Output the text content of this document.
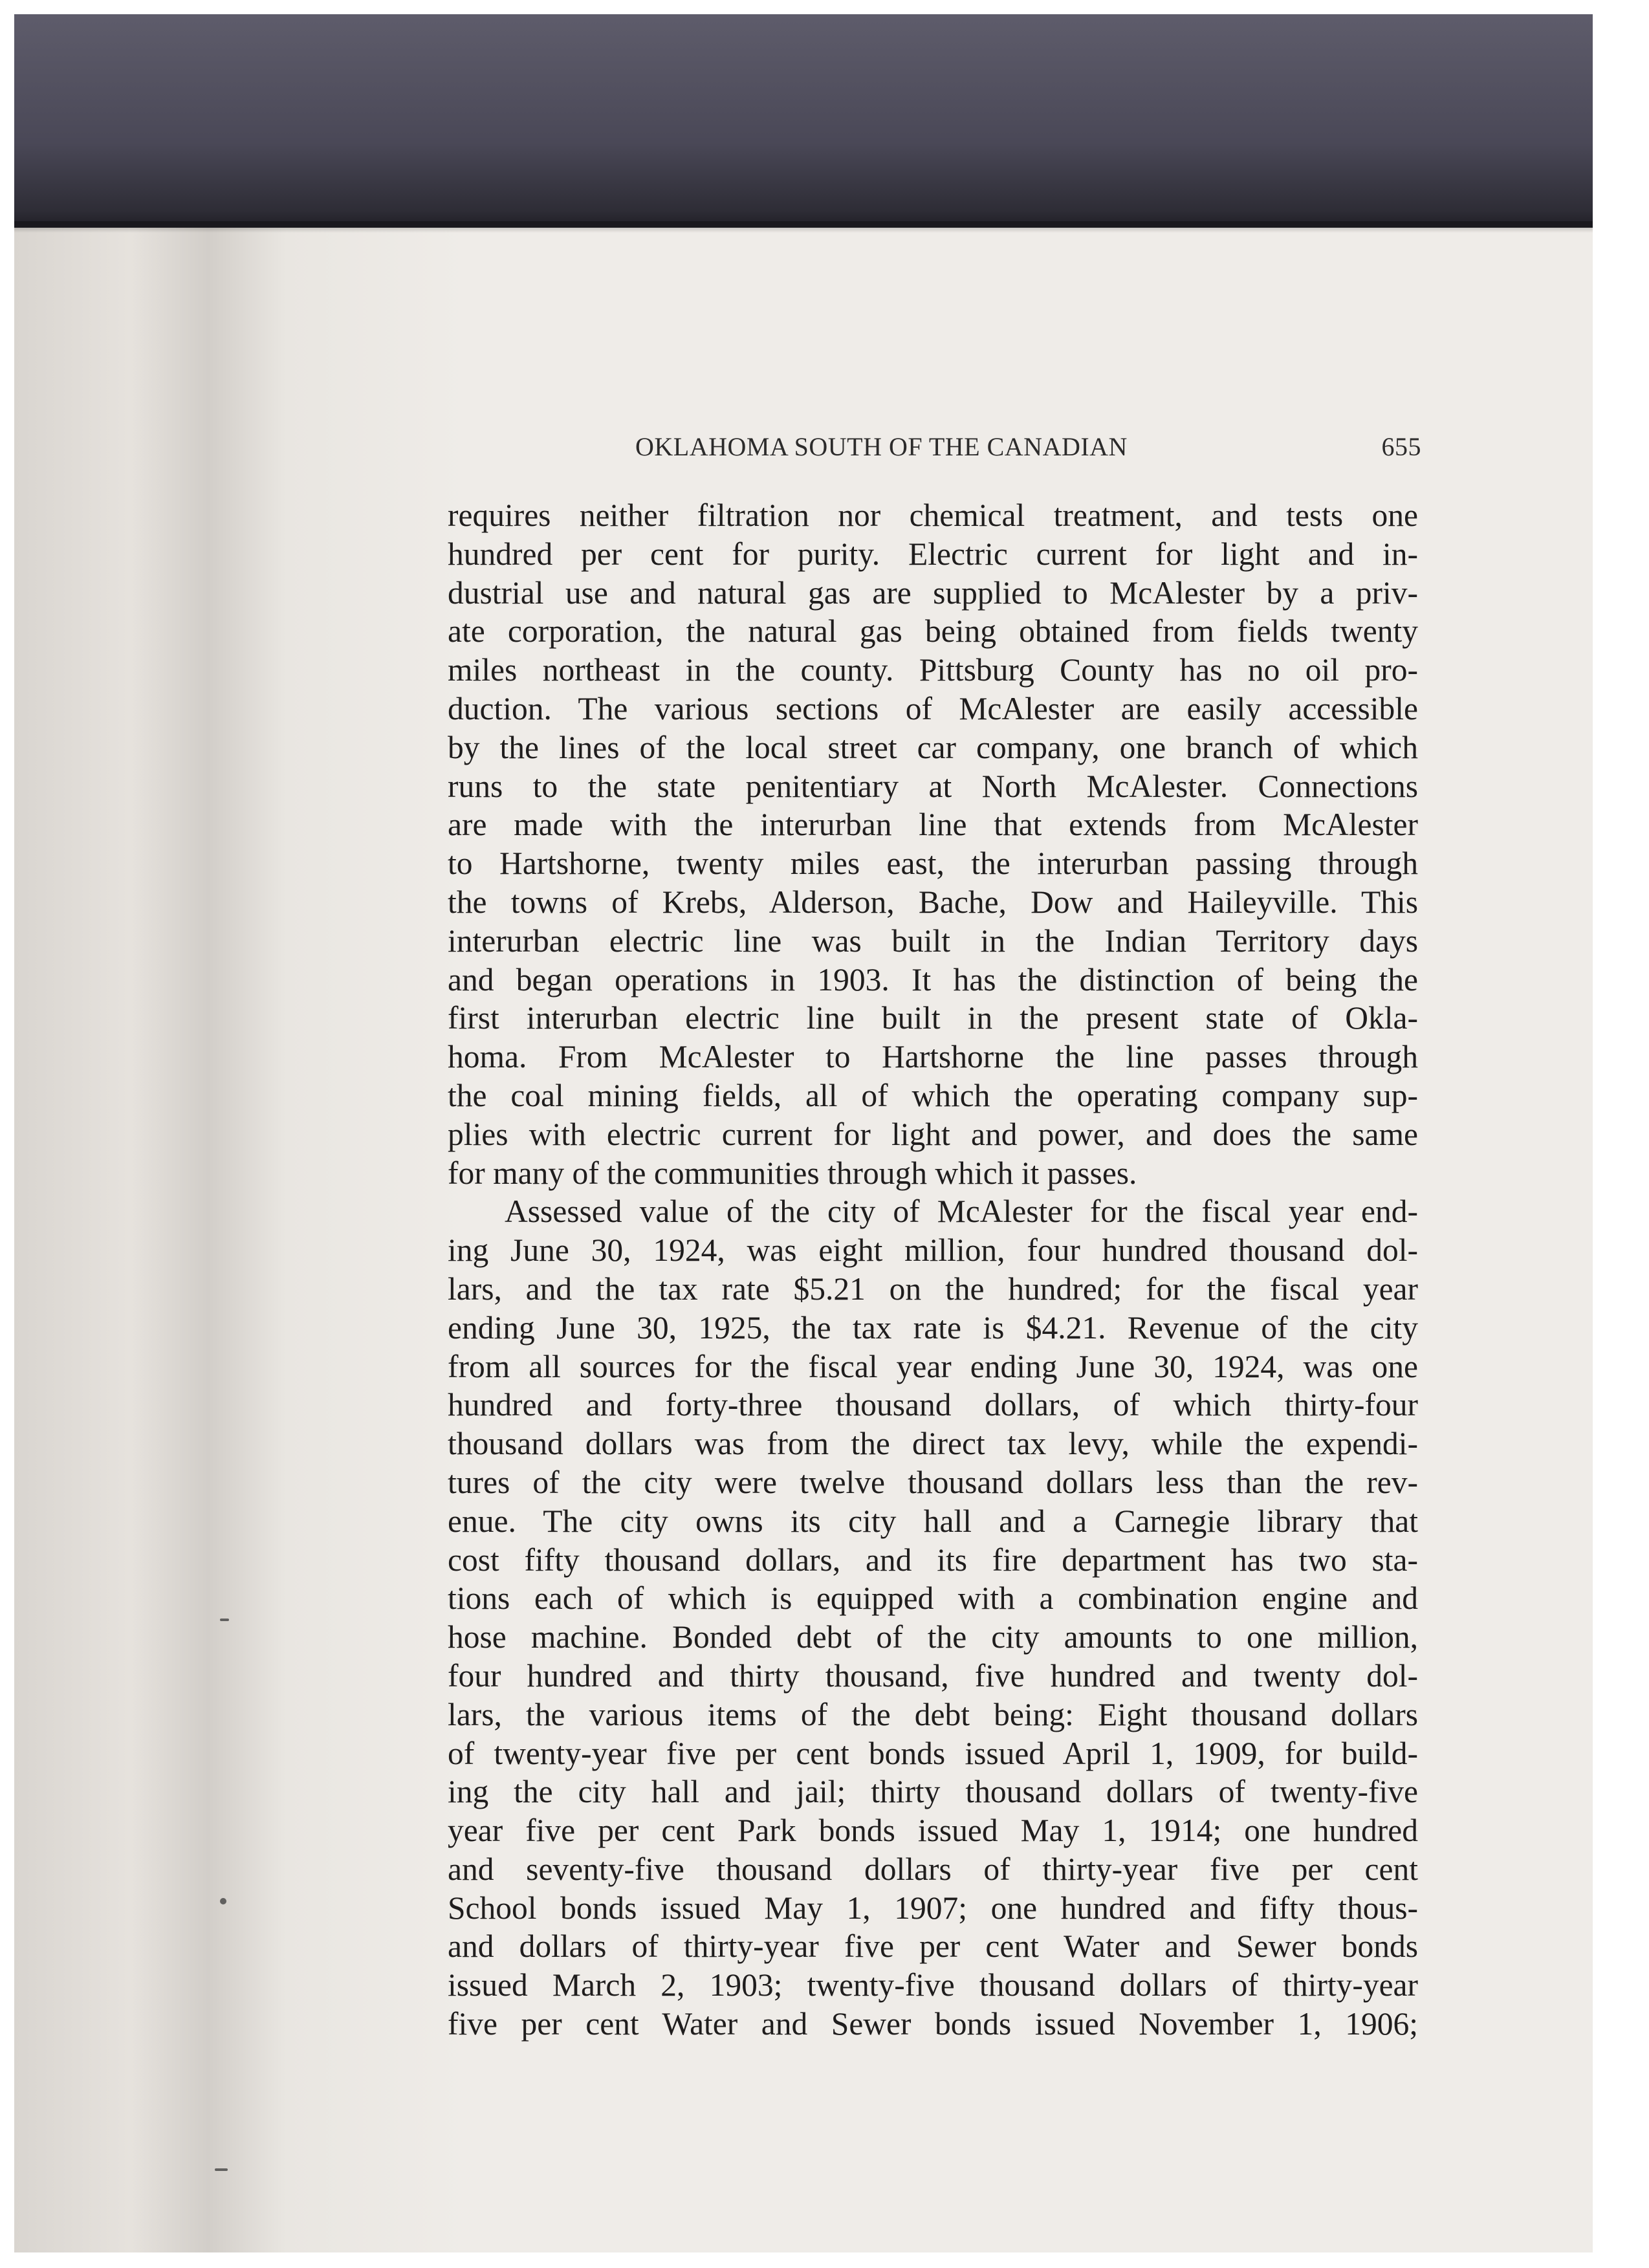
OKLAHOMA SOUTH OF THE CANADIAN	655
requires neither filtration nor chemical treatment, and tests one
hundred per cent for purity. Electric current for light and in-
dustrial use and natural gas are supplied to McAlester by a priv-
ate corporation, the natural gas being obtained from fields twenty
miles northeast in the county. Pittsburg County has no oil pro-
duction. The various sections of McAlester are easily accessible
by the lines of the local street car company, one branch of which
runs to the state penitentiary at North McAlester. Connections
are made with the interurban line that extends from McAlester
to Hartshorne, twenty miles east, the interurban passing through
the towns of Krebs, Alderson, Bache, Dow and Haileyville. This
interurban electric line was built in the Indian Territory days
and began operations in 1903. It has the distinction of being the
first interurban electric line built in the present state of Okla-
homa. From McAlester to Hartshorne the line passes through
the coal mining fields, all of which the operating company sup-
plies with electric current for light and power, and does the same
for many of the communities through which it passes.
Assessed value of the city of McAlester for the fiscal year end-
ing June 30, 1924, was eight million, four hundred thousand dol-
lars, and the tax rate $5.21 on the hundred; for the fiscal year
ending June 30, 1925, the tax rate is $4.21. Revenue of the city
from all sources for the fiscal year ending June 30, 1924, was one
hundred and forty-three thousand dollars, of which thirty-four
thousand dollars was from the direct tax levy, while the expendi-
tures of the city were twelve thousand dollars less than the rev-
enue. The city owns its city hall and a Carnegie library that
cost fifty thousand dollars, and its fire department has two sta-
tions each of which is equipped with a combination engine and
hose machine. Bonded debt of the city amounts to one million,
four hundred and thirty thousand, five hundred and twenty dol-
lars, the various items of the debt being: Eight thousand dollars
of twenty-year five per cent bonds issued April 1, 1909, for build-
ing the city hall and jail; thirty thousand dollars of twenty-five
year five per cent Park bonds issued May 1, 1914; one hundred
and seventy-five thousand dollars of thirty-year five per cent
School bonds issued May 1, 1907; one hundred and fifty thous-
and dollars of thirty-year five per cent Water and Sewer bonds
issued March 2, 1903; twenty-five thousand dollars of thirty-year
five per cent Water and Sewer bonds issued November 1, 1906;
